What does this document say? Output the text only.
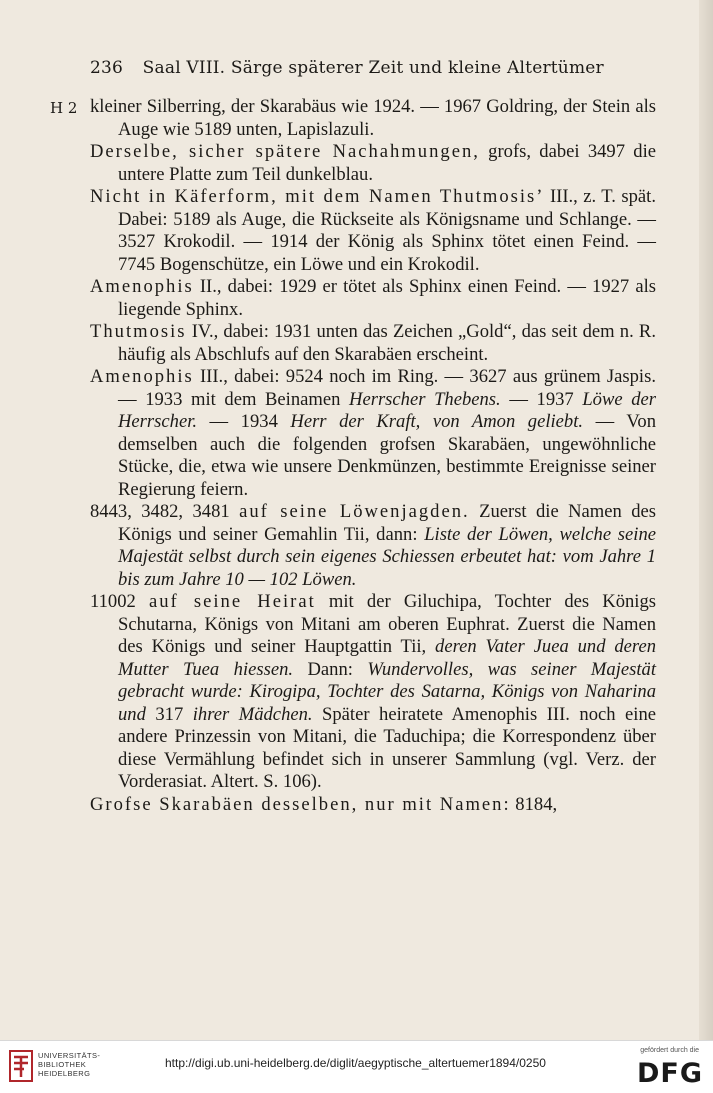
236 Saal VIII. Särge späterer Zeit und kleine Altertümer
H 2 kleiner Silberring, der Skarabäus wie 1924. — 1967 Goldring, der Stein als Auge wie 5189 unten, Lapislazuli.

Derselbe, sicher spätere Nachahmungen, grofs, dabei 3497 die untere Platte zum Teil dunkelblau.

Nicht in Käferform, mit dem Namen Thutmosis’ III., z. T. spät. Dabei: 5189 als Auge, die Rückseite als Königsname und Schlange. — 3527 Krokodil. — 1914 der König als Sphinx tötet einen Feind. — 7745 Bogenschütze, ein Löwe und ein Krokodil.

Amenophis II., dabei: 1929 er tötet als Sphinx einen Feind. — 1927 als liegende Sphinx.

Thutmosis IV., dabei: 1931 unten das Zeichen „Gold“, das seit dem n. R. häufig als Abschlufs auf den Skarabäen erscheint.

Amenophis III., dabei: 9524 noch im Ring. — 3627 aus grünem Jaspis. — 1933 mit dem Beinamen Herrscher Thebens. — 1937 Löwe der Herrscher. — 1934 Herr der Kraft, von Amon geliebt. — Von demselben auch die folgenden grofsen Skarabäen, ungewöhnliche Stücke, die, etwa wie unsere Denkmünzen, bestimmte Ereignisse seiner Regierung feiern.

8443, 3482, 3481 auf seine Löwenjagden. Zuerst die Namen des Königs und seiner Gemahlin Tii, dann: Liste der Löwen, welche seine Majestät selbst durch sein eigenes Schiessen erbeutet hat: vom Jahre 1 bis zum Jahre 10 — 102 Löwen.

11002 auf seine Heirat mit der Giluchipa, Tochter des Königs Schutarna, Königs von Mitani am oberen Euphrat. Zuerst die Namen des Königs und seiner Hauptgattin Tii, deren Vater Juea und deren Mutter Tuea hiessen. Dann: Wundervolles, was seiner Majestät gebracht wurde: Kirogipa, Tochter des Satarna, Königs von Naharina und 317 ihrer Mädchen. Später heiratete Amenophis III. noch eine andere Prinzessin von Mitani, die Taduchipa; die Korrespondenz über diese Vermählung befindet sich in unserer Sammlung (vgl. Verz. der Vorderasiat. Altert. S. 106).

Grofse Skarabäen desselben, nur mit Namen: 8184,

UNIVERSITÄTS-
BIBLIOTHEK
HEIDELBERG
http://digi.ub.uni-heidelberg.de/diglit/aegyptische_altertuemer1894/0250
gefördert durch die
DFG
